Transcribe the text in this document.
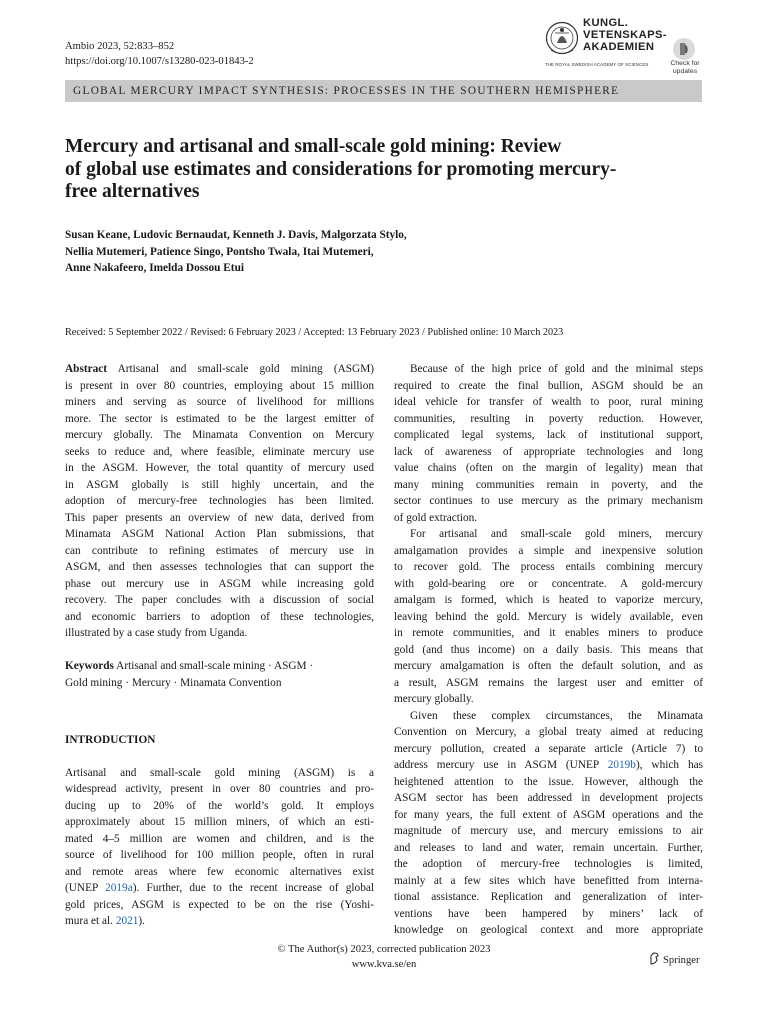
Ambio 2023, 52:833–852
https://doi.org/10.1007/s13280-023-01843-2
KUNGL.
VETENSKAPS-
AKADEMIEN
THE ROYAL SWEDISH ACADEMY OF SCIENCES	Check for
updates
GLOBAL MERCURY IMPACT SYNTHESIS: PROCESSES IN THE SOUTHERN HEMISPHERE
Mercury and artisanal and small-scale gold mining: Review
of global use estimates and considerations for promoting mercury-
free alternatives
Susan Keane, Ludovic Bernaudat, Kenneth J. Davis, Malgorzata Stylo,
Nellia Mutemeri, Patience Singo, Pontsho Twala, Itai Mutemeri,
Anne Nakafeero, Imelda Dossou Etui
Received: 5 September 2022 / Revised: 6 February 2023 / Accepted: 13 February 2023 / Published online: 10 March 2023
Abstract Artisanal and small-scale gold mining (ASGM)
is present in over 80 countries, employing about 15 million
miners and serving as source of livelihood for millions
more. The sector is estimated to be the largest emitter of
mercury globally. The Minamata Convention on Mercury
seeks to reduce and, where feasible, eliminate mercury use
in the ASGM. However, the total quantity of mercury used
in ASGM globally is still highly uncertain, and the
adoption of mercury-free technologies has been limited.
This paper presents an overview of new data, derived from
Minamata ASGM National Action Plan submissions, that
can contribute to refining estimates of mercury use in
ASGM, and then assesses technologies that can support the
phase out mercury use in ASGM while increasing gold
recovery. The paper concludes with a discussion of social
and economic barriers to adoption of these technologies,
illustrated by a case study from Uganda.
Keywords Artisanal and small-scale mining · ASGM ·
Gold mining · Mercury · Minamata Convention
INTRODUCTION
Artisanal and small-scale gold mining (ASGM) is a
widespread activity, present in over 80 countries and pro-
ducing up to 20% of the world’s gold. It employs
approximately about 15 million miners, of which an esti-
mated 4–5 million are women and children, and is the
source of livelihood for 100 million people, often in rural
and remote areas where few economic alternatives exist
(UNEP 2019a). Further, due to the recent increase of global
gold prices, ASGM is expected to be on the rise (Yoshi-
mura et al. 2021).
Because of the high price of gold and the minimal steps
required to create the final bullion, ASGM should be an
ideal vehicle for transfer of wealth to poor, rural mining
communities, resulting in poverty reduction. However,
complicated legal systems, lack of institutional support,
lack of awareness of appropriate technologies and long
value chains (often on the margin of legality) mean that
many mining communities remain in poverty, and the
sector continues to use mercury as the primary mechanism
of gold extraction.
For artisanal and small-scale gold miners, mercury
amalgamation provides a simple and inexpensive solution
to recover gold. The process entails combining mercury
with gold-bearing ore or concentrate. A gold-mercury
amalgam is formed, which is heated to vaporize mercury,
leaving behind the gold. Mercury is widely available, even
in remote communities, and it enables miners to produce
gold (and thus income) on a daily basis. This means that
mercury amalgamation is often the default solution, and as
a result, ASGM remains the largest user and emitter of
mercury globally.
Given these complex circumstances, the Minamata
Convention on Mercury, a global treaty aimed at reducing
mercury pollution, created a separate article (Article 7) to
address mercury use in ASGM (UNEP 2019b), which has
heightened attention to the issue. However, although the
ASGM sector has been addressed in development projects
for many years, the full extent of ASGM operations and the
magnitude of mercury use, and mercury emissions to air
and releases to land and water, remain uncertain. Further,
the adoption of mercury-free technologies is limited,
mainly at a few sites which have benefitted from interna-
tional assistance. Replication and generalization of inter-
ventions have been hampered by miners’ lack of
knowledge on geological context and more appropriate
© The Author(s) 2023, corrected publication 2023
www.kva.se/en	Springer
